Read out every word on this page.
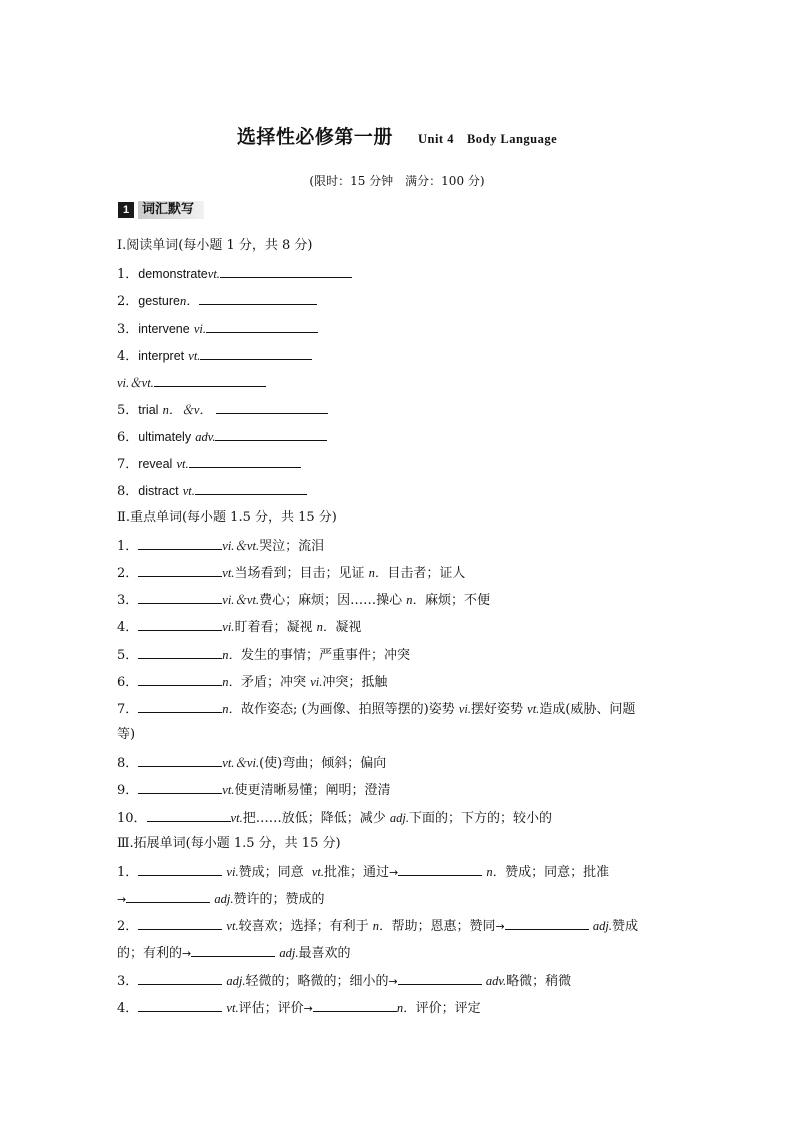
选择性必修第一册 Unit 4　Body Language
(限时：15 分钟　满分：100 分)
1 词汇默写
Ⅰ.阅读单词(每小题 1 分，共 8 分)
1．demonstratevt.
2．gesturen．
3．intervene vi.
4．interpret vt.
vi.＆vt.
5．trial n．＆v．
6．ultimately adv.
7．reveal vt.
8．distract vt.
Ⅱ.重点单词(每小题 1.5 分，共 15 分)
1．	vi.＆vt.哭泣；流泪
2．	vt.当场看到；目击；见证 n．目击者；证人
3．	vi.＆vt.费心；麻烦；因……操心 n．麻烦；不便
4．	vi.盯着看；凝视 n．凝视
5．	n．发生的事情；严重事件；冲突
6．	n．矛盾；冲突 vi.冲突；抵触
7．	n．故作姿态; (为画像、拍照等摆的)姿势 vi.摆好姿势 vt.造成(威胁、问题
等)
8．	vt.＆vi.(使)弯曲；倾斜；偏向
9．	vt.使更清晰易懂；阐明；澄清
10．	vt.把……放低；降低；减少 adj.下面的；下方的；较小的
Ⅲ.拓展单词(每小题 1.5 分，共 15 分)
1．	vi.赞成；同意 vt.批准；通过→	n．赞成；同意；批准
→	adj.赞许的；赞成的
2．	vt.较喜欢；选择；有利于 n．帮助；恩惠；赞同→	adj.赞成
的；有利的→	adj.最喜欢的
3．	adj.轻微的；略微的；细小的→	adv.略微；稍微
4．	vt.评估；评价→	n．评价；评定
